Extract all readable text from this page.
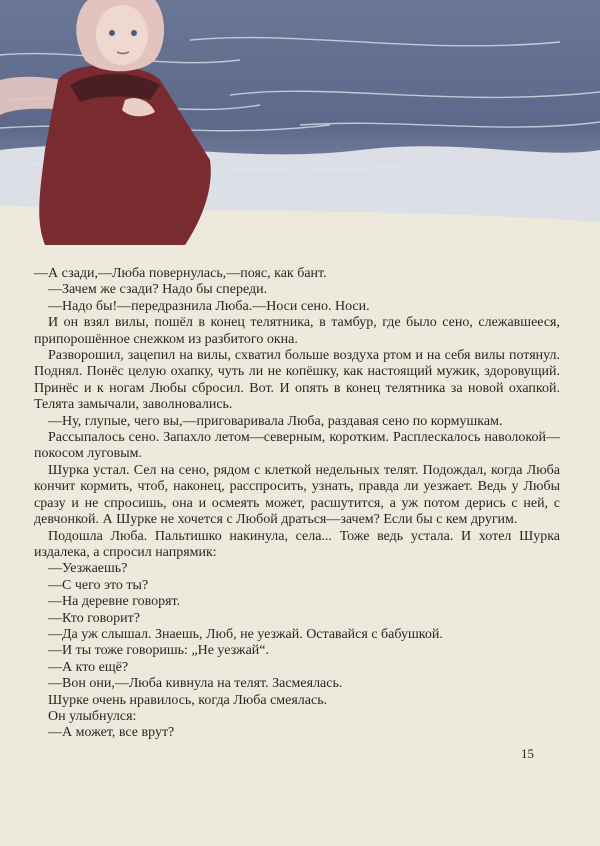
—А сзади,—Люба повернулась,—пояс, как бант.

—Зачем же сзади? Надо бы спереди.

—Надо бы!—передразнила Люба.—Носи сено. Носи.

И он взял вилы, пошёл в конец телятника, в тамбур, где было сено, слежавшееся, припорошённое снежком из разбитого окна.

Разворошил, зацепил на вилы, схватил больше воздуха ртом и на себя вилы потянул. Поднял. Понёс целую охапку, чуть ли не копёшку, как настоящий мужик, здоровущий. Принёс и к ногам Любы сбросил. Вот. И опять в конец телятника за новой охапкой. Телята замычали, заволновались.

—Ну, глупые, чего вы,—приговаривала Люба, раздавая сено по кормушкам.

Рассыпалось сено. Запахло летом—северным, коротким. Расплескалось наволокой—покосом луговым.

Шурка устал. Сел на сено, рядом с клеткой недельных телят. Подождал, когда Люба кончит кормить, чтоб, наконец, расспросить, узнать, правда ли уезжает. Ведь у Любы сразу и не спросишь, она и осмеять может, расшутится, а уж потом дерись с ней, с девчонкой. А Шурке не хочется с Любой драться—зачем? Если бы с кем другим.

Подошла Люба. Пальтишко накинула, села... Тоже ведь устала. И хотел Шурка издалека, а спросил напрямик:

—Уезжаешь?

—С чего это ты?

—На деревне говорят.

—Кто говорит?

—Да уж слышал. Знаешь, Люб, не уезжай. Оставайся с бабушкой.

—И ты тоже говоришь: „Не уезжай“.

—А кто ещё?

—Вон они,—Люба кивнула на телят. Засмеялась.

Шурке очень нравилось, когда Люба смеялась.

Он улыбнулся:

—А может, все врут?

15
